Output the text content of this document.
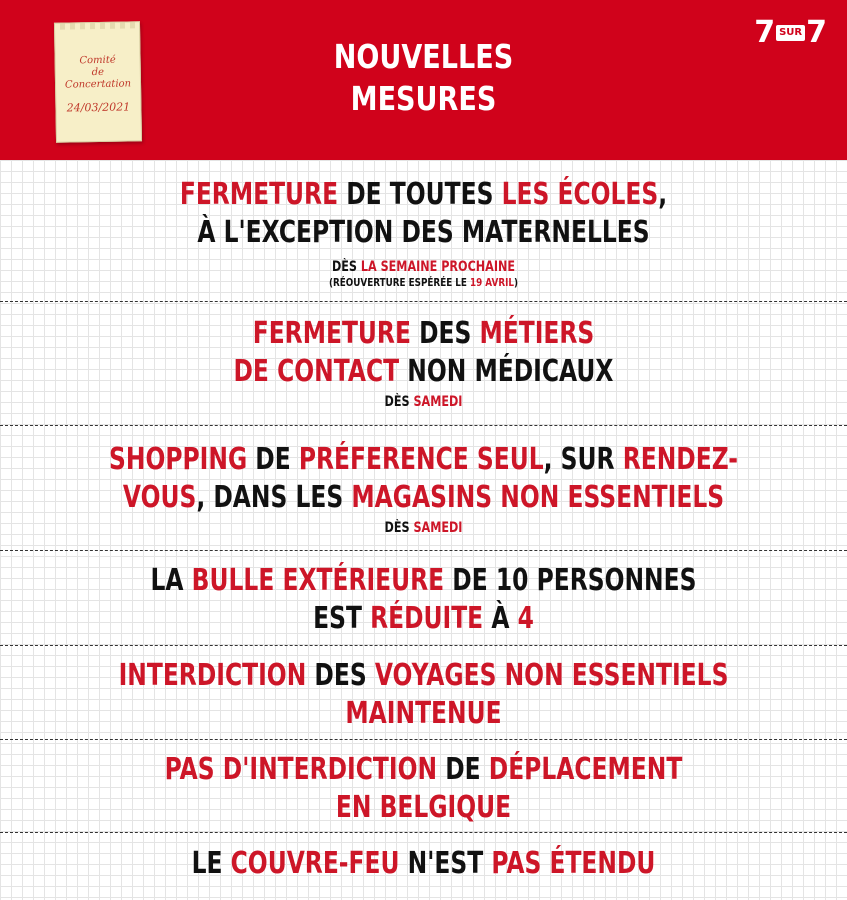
Comité
de
Concertation
24/03/2021
NOUVELLES
MESURES
7 SUR 7
FERMETURE DE TOUTES LES ÉCOLES,
À L'EXCEPTION DES MATERNELLES
DÈS LA SEMAINE PROCHAINE
(RÉOUVERTURE ESPÉRÉE LE 19 AVRIL)
FERMETURE DES MÉTIERS
DE CONTACT NON MÉDICAUX
DÈS SAMEDI
SHOPPING DE PRÉFERENCE SEUL, SUR RENDEZ-
VOUS, DANS LES MAGASINS NON ESSENTIELS
DÈS SAMEDI
LA BULLE EXTÉRIEURE DE 10 PERSONNES
EST RÉDUITE À 4
INTERDICTION DES VOYAGES NON ESSENTIELS
MAINTENUE
PAS D'INTERDICTION DE DÉPLACEMENT
EN BELGIQUE
LE COUVRE-FEU N'EST PAS ÉTENDU
